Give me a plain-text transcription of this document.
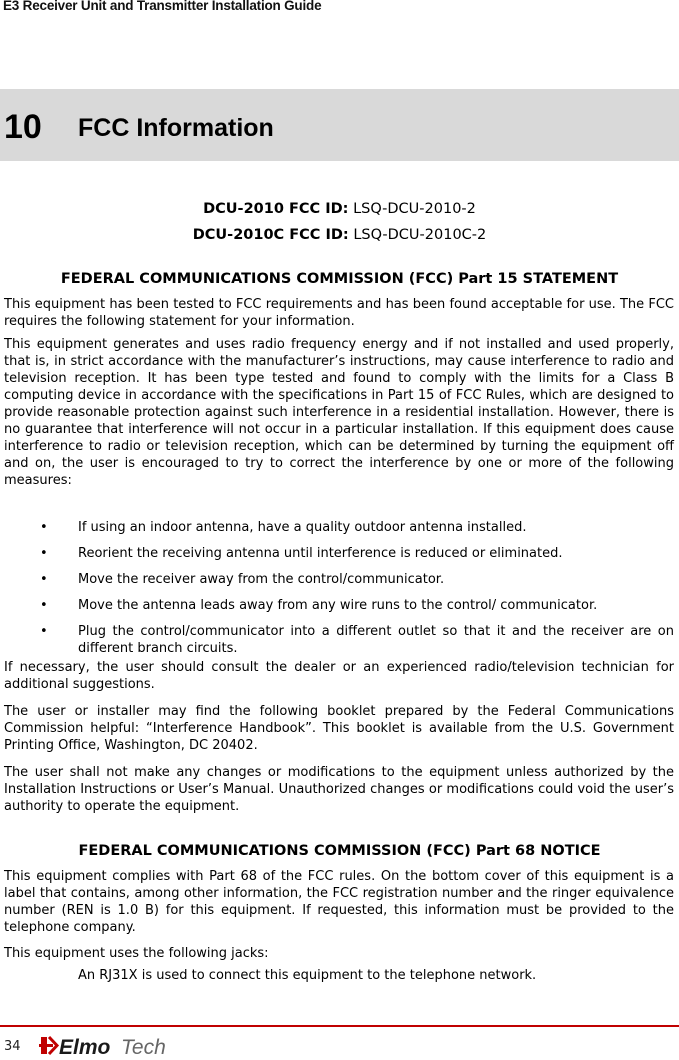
E3 Receiver Unit and Transmitter Installation Guide
10 FCC Information
DCU-2010 FCC ID: LSQ-DCU-2010-2
DCU-2010C FCC ID: LSQ-DCU-2010C-2
FEDERAL COMMUNICATIONS COMMISSION (FCC) Part 15 STATEMENT

This equipment has been tested to FCC requirements and has been found acceptable for use. The FCC requires the following statement for your information.

This equipment generates and uses radio frequency energy and if not installed and used properly, that is, in strict accordance with the manufacturer’s instructions, may cause interference to radio and television reception. It has been type tested and found to comply with the limits for a Class B computing device in accordance with the specifications in Part 15 of FCC Rules, which are designed to provide reasonable protection against such interference in a residential installation. However, there is no guarantee that interference will not occur in a particular installation. If this equipment does cause interference to radio or television reception, which can be determined by turning the equipment off and on, the user is encouraged to try to correct the interference by one or more of the following measures:

• If using an indoor antenna, have a quality outdoor antenna installed.
• Reorient the receiving antenna until interference is reduced or eliminated.
• Move the receiver away from the control/communicator.
• Move the antenna leads away from any wire runs to the control/ communicator.
• Plug the control/communicator into a different outlet so that it and the receiver are on different branch circuits.

If necessary, the user should consult the dealer or an experienced radio/television technician for additional suggestions.

The user or installer may find the following booklet prepared by the Federal Communications Commission helpful: “Interference Handbook”. This booklet is available from the U.S. Government Printing Office, Washington, DC 20402.

The user shall not make any changes or modifications to the equipment unless authorized by the Installation Instructions or User’s Manual. Unauthorized changes or modifications could void the user’s authority to operate the equipment.

FEDERAL COMMUNICATIONS COMMISSION (FCC) Part 68 NOTICE

This equipment complies with Part 68 of the FCC rules. On the bottom cover of this equipment is a label that contains, among other information, the FCC registration number and the ringer equivalence number (REN is 1.0 B) for this equipment. If requested, this information must be provided to the telephone company.

This equipment uses the following jacks:

An RJ31X is used to connect this equipment to the telephone network.
34 Elmo Tech
